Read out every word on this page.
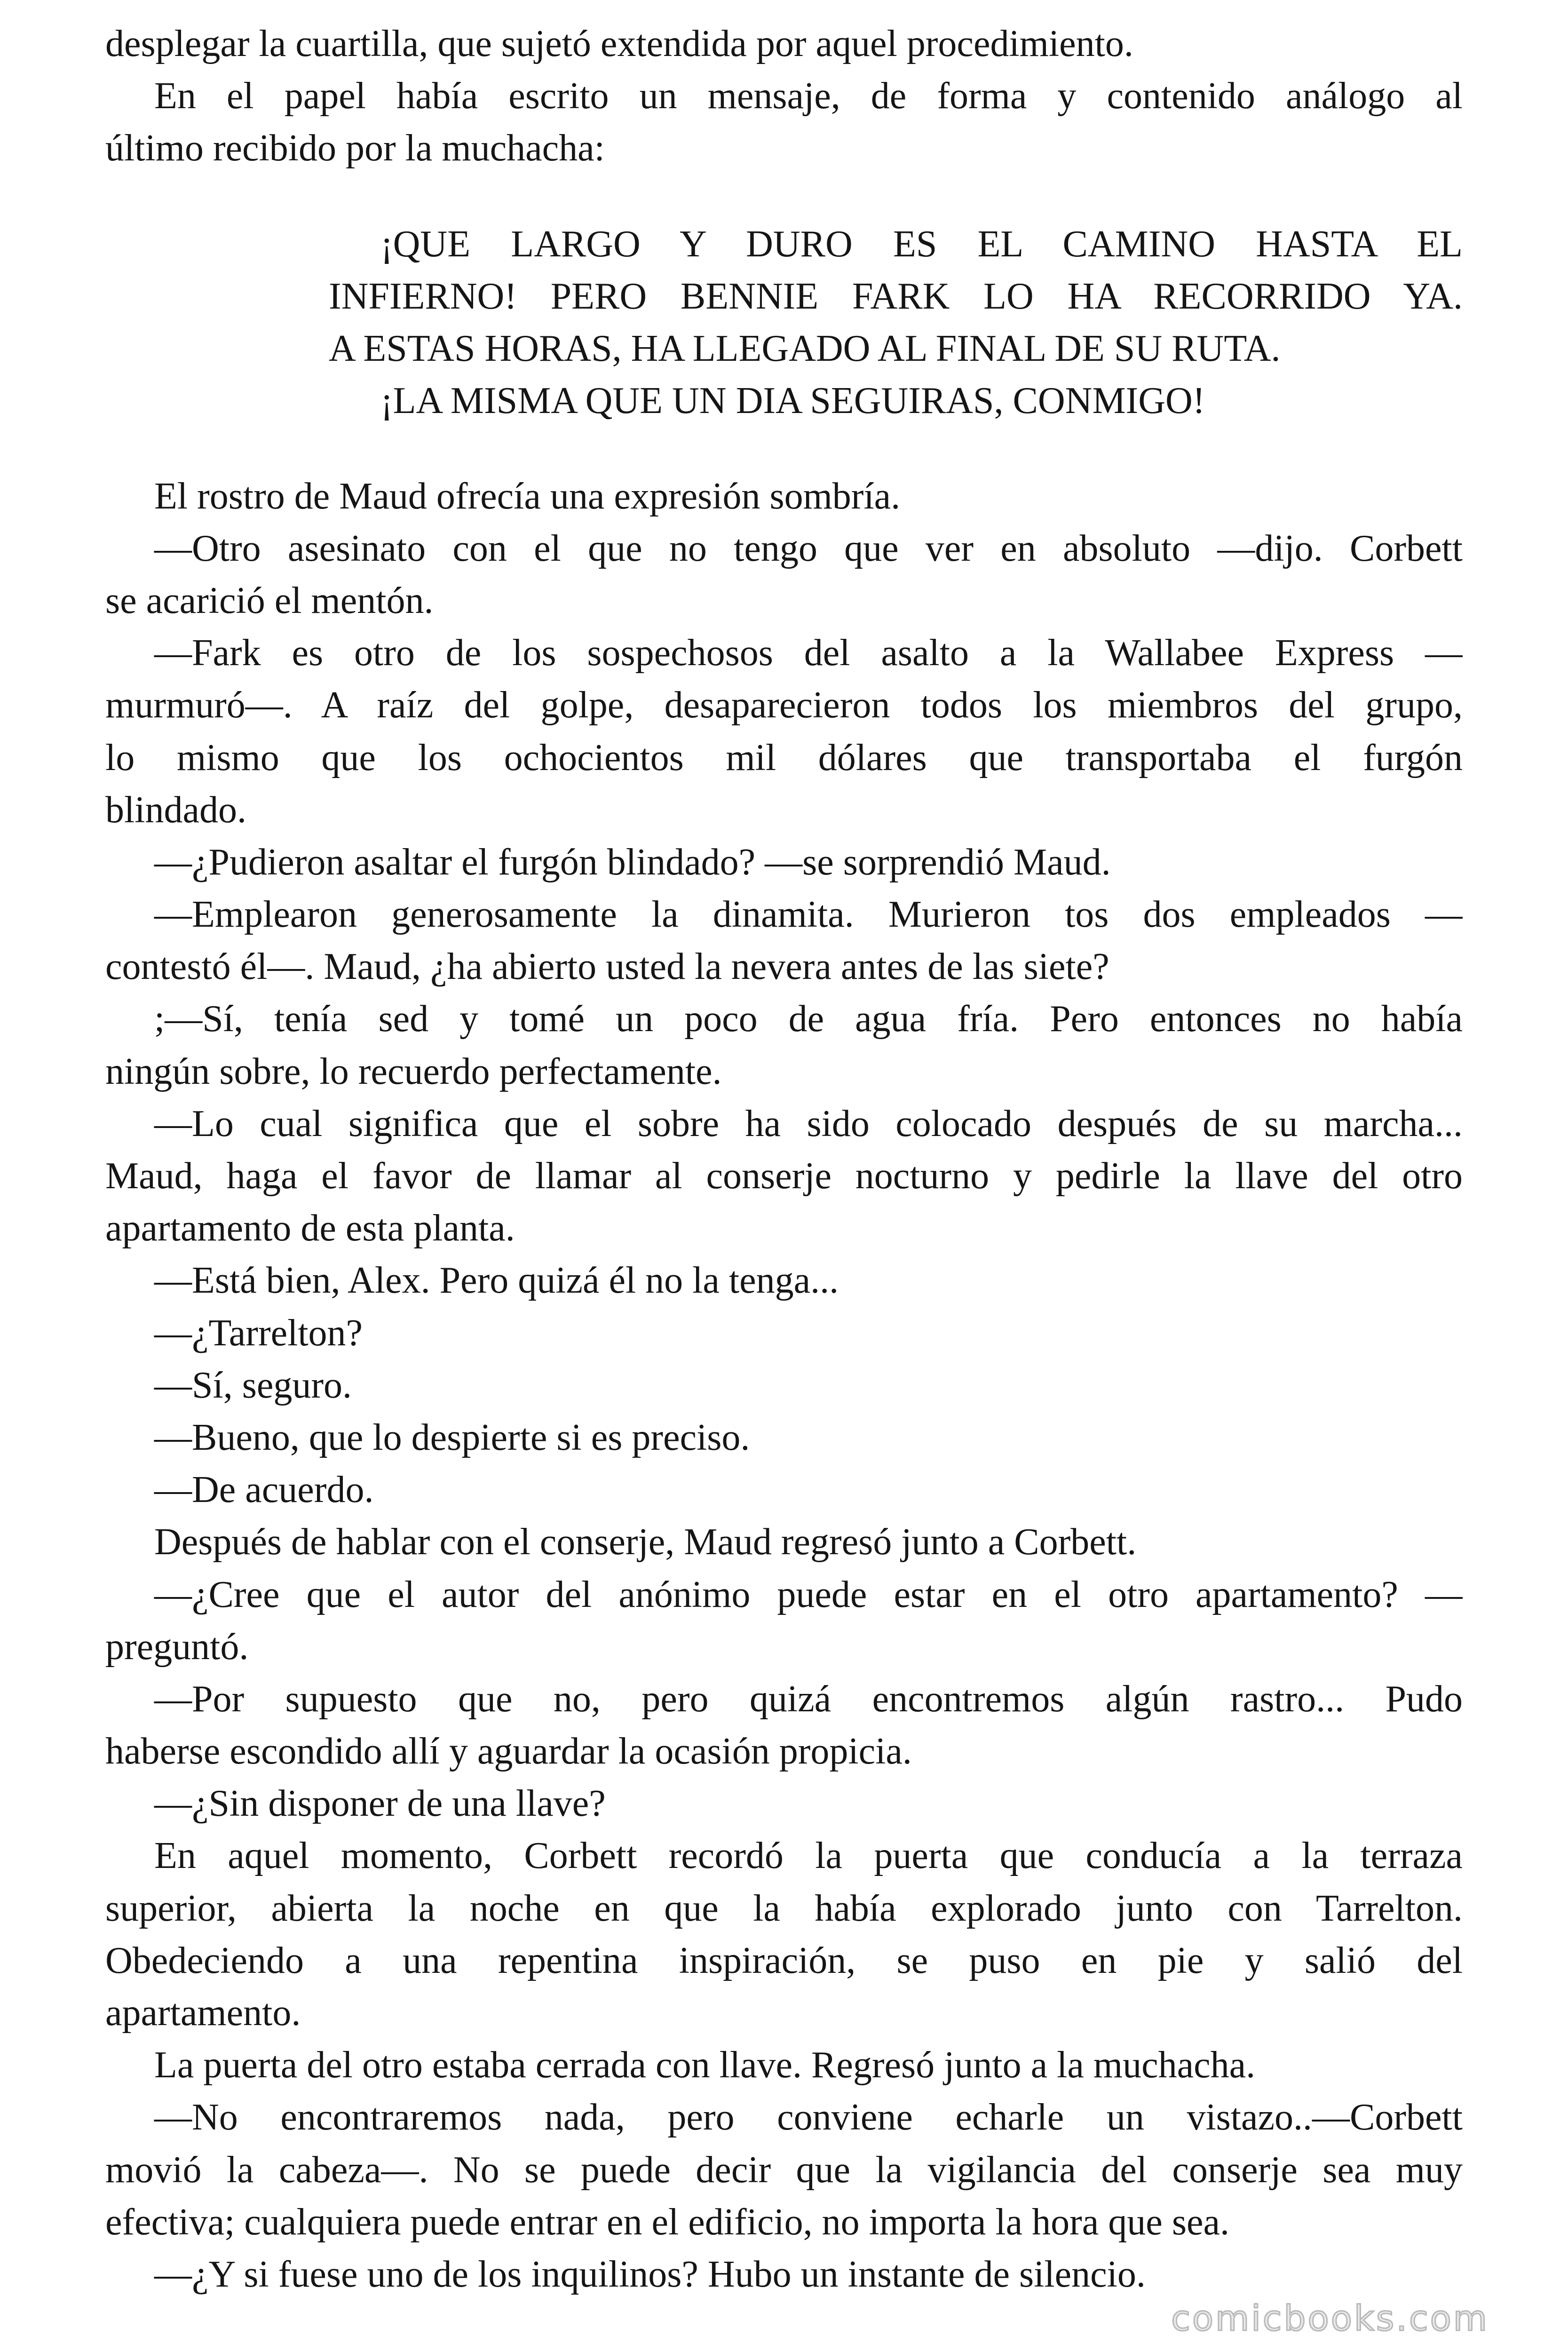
desplegar la cuartilla, que sujetó extendida por aquel procedimiento.
En el papel había escrito un mensaje, de forma y contenido análogo al
último recibido por la muchacha:
¡QUE LARGO Y DURO ES EL CAMINO HASTA EL
INFIERNO! PERO BENNIE FARK LO HA RECORRIDO YA.
A ESTAS HORAS, HA LLEGADO AL FINAL DE SU RUTA.
¡LA MISMA QUE UN DIA SEGUIRAS, CONMIGO!
El rostro de Maud ofrecía una expresión sombría.
—Otro asesinato con el que no tengo que ver en absoluto —dijo. Corbett
se acarició el mentón.
—Fark es otro de los sospechosos del asalto a la Wallabee Express —
murmuró—. A raíz del golpe, desaparecieron todos los miembros del grupo,
lo mismo que los ochocientos mil dólares que transportaba el furgón
blindado.
—¿Pudieron asaltar el furgón blindado? —se sorprendió Maud.
—Emplearon generosamente la dinamita. Murieron tos dos empleados —
contestó él—. Maud, ¿ha abierto usted la nevera antes de las siete?
;—Sí, tenía sed y tomé un poco de agua fría. Pero entonces no había
ningún sobre, lo recuerdo perfectamente.
—Lo cual significa que el sobre ha sido colocado después de su marcha...
Maud, haga el favor de llamar al conserje nocturno y pedirle la llave del otro
apartamento de esta planta.
—Está bien, Alex. Pero quizá él no la tenga...
—¿Tarrelton?
—Sí, seguro.
—Bueno, que lo despierte si es preciso.
—De acuerdo.
Después de hablar con el conserje, Maud regresó junto a Corbett.
—¿Cree que el autor del anónimo puede estar en el otro apartamento? —
preguntó.
—Por supuesto que no, pero quizá encontremos algún rastro... Pudo
haberse escondido allí y aguardar la ocasión propicia.
—¿Sin disponer de una llave?
En aquel momento, Corbett recordó la puerta que conducía a la terraza
superior, abierta la noche en que la había explorado junto con Tarrelton.
Obedeciendo a una repentina inspiración, se puso en pie y salió del
apartamento.
La puerta del otro estaba cerrada con llave. Regresó junto a la muchacha.
—No encontraremos nada, pero conviene echarle un vistazo..—Corbett
movió la cabeza—. No se puede decir que la vigilancia del conserje sea muy
efectiva; cualquiera puede entrar en el edificio, no importa la hora que sea.
—¿Y si fuese uno de los inquilinos? Hubo un instante de silencio.
comicbooks.com
